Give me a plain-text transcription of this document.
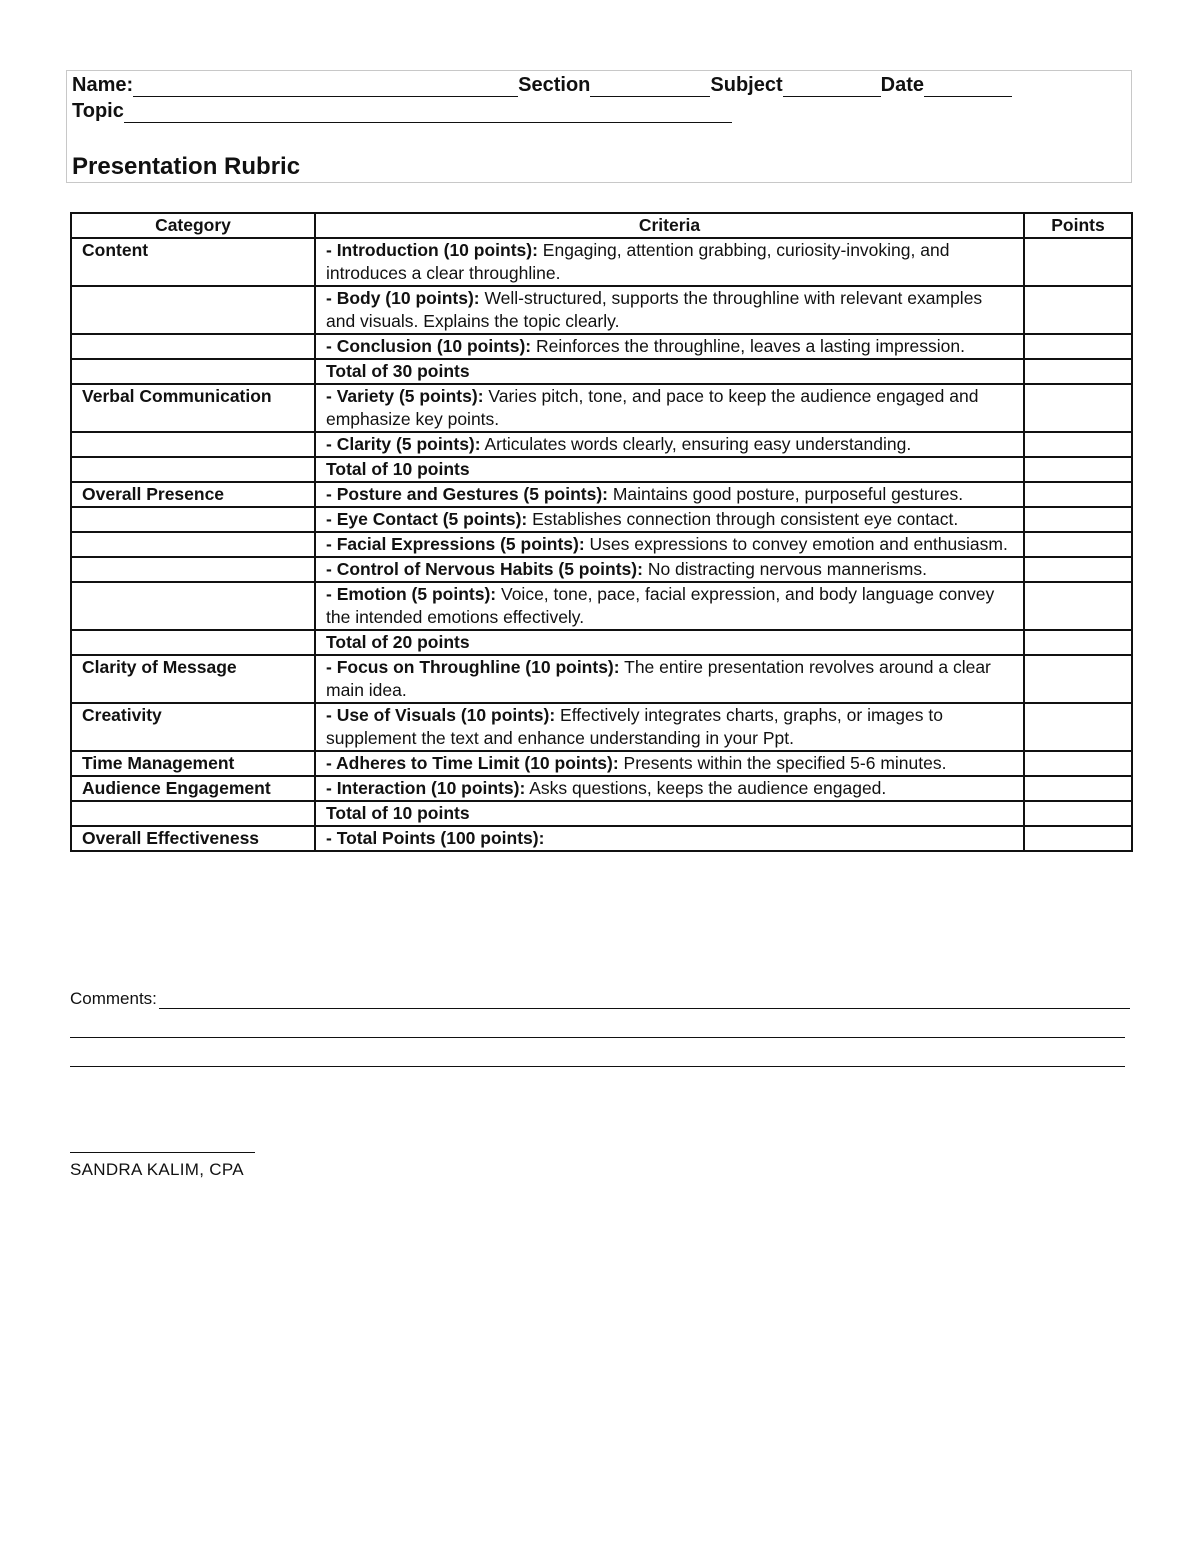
Name:	Section	Subject	Date
Topic
Presentation Rubric
Category	Criteria	Points
Content	- Introduction (10 points): Engaging, attention grabbing, curiosity-invoking, and introduces a clear throughline.	
	- Body (10 points): Well-structured, supports the throughline with relevant examples and visuals. Explains the topic clearly.	
	- Conclusion (10 points): Reinforces the throughline, leaves a lasting impression.	
	Total of 30 points	
Verbal Communication	- Variety (5 points): Varies pitch, tone, and pace to keep the audience engaged and emphasize key points.	
	- Clarity (5 points): Articulates words clearly, ensuring easy understanding.	
	Total of 10 points	
Overall Presence	- Posture and Gestures (5 points): Maintains good posture, purposeful gestures.	
	- Eye Contact (5 points): Establishes connection through consistent eye contact.	
	- Facial Expressions (5 points): Uses expressions to convey emotion and enthusiasm.	
	- Control of Nervous Habits (5 points): No distracting nervous mannerisms.	
	- Emotion (5 points): Voice, tone, pace, facial expression, and body language convey the intended emotions effectively.	
	Total of 20 points	
Clarity of Message	- Focus on Throughline (10 points): The entire presentation revolves around a clear main idea.	
Creativity	- Use of Visuals (10 points): Effectively integrates charts, graphs, or images to supplement the text and enhance understanding in your Ppt.	
Time Management	- Adheres to Time Limit (10 points): Presents within the specified 5-6 minutes.	
Audience Engagement	- Interaction (10 points): Asks questions, keeps the audience engaged.	
	Total of 10 points	
Overall Effectiveness	- Total Points (100 points):	
Comments:
SANDRA KALIM, CPA
